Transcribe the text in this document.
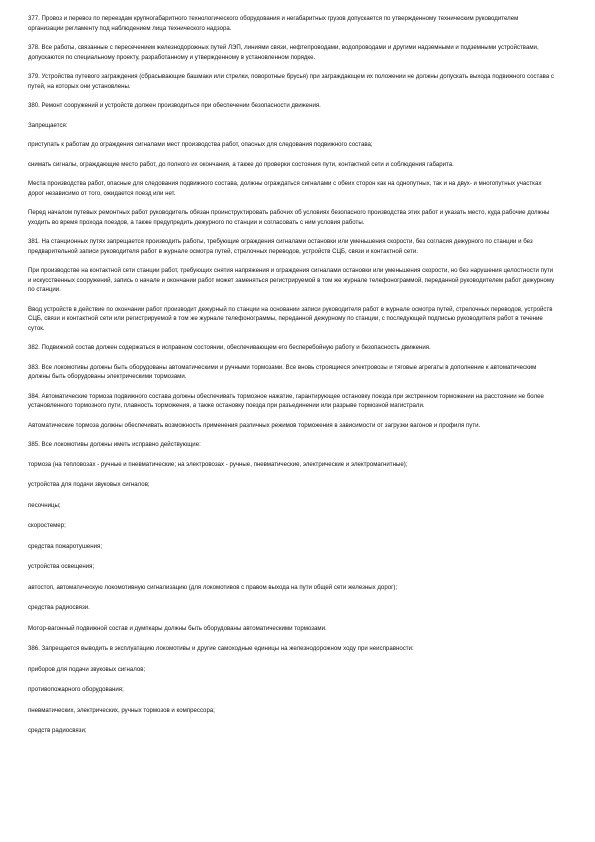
377. Провоз и перевоз по переездам крупногабаритного технологического оборудования и негабаритных грузов допускается по утвержденному техническим руководителем организации регламенту под наблюдением лица технического надзора.

378. Все работы, связанные с пересечением железнодорожных путей ЛЭП, линиями связи, нефтепроводами, водопроводами и другими надземными и подземными устройствами, допускаются по специальному проекту, разработанному и утвержденному в установленном порядке.

379. Устройства путевого заграждения (сбрасывающие башмаки или стрелки, поворотные брусья) при заграждающем их положении не должны допускать выхода подвижного состава с путей, на которых они установлены.

380. Ремонт сооружений и устройств должен производиться при обеспечении безопасности движения.

Запрещается:

приступать к работам до ограждения сигналами мест производства работ, опасных для следования подвижного состава;

снимать сигналы, ограждающие место работ, до полного их окончания, а также до проверки состояния пути, контактной сети и соблюдения габарита.

Места производства работ, опасные для следования подвижного состава, должны ограждаться сигналами с обеих сторон как на однопутных, так и на двух- и многопутных участках дорог независимо от того, ожидается поезд или нет.

Перед началом путевых ремонтных работ руководитель обязан проинструктировать рабочих об условиях безопасного производства этих работ и указать место, куда рабочие должны уходить во время прохода поездов, а также предупредить дежурного по станции и согласовать с ним условия работы.

381. На станционных путях запрещается производить работы, требующие ограждения сигналами остановки или уменьшения скорости, без согласия дежурного по станции и без предварительной записи руководителя работ в журнале осмотра путей, стрелочных переводов, устройств СЦБ, связи и контактной сети.

При производстве на контактной сети станции работ, требующих снятия напряжения и ограждения сигналами остановки или уменьшения скорости, но без нарушения целостности пути и искусственных сооружений, запись о начале и окончании работ может заменяться регистрируемой в том же журнале телефонограммой, переданной руководителем работ дежурному по станции.

Ввод устройств в действие по окончании работ производит дежурный по станции на основании записи руководителя работ в журнале осмотра путей, стрелочных переводов, устройств СЦБ, связи и контактной сети или регистрируемой в том же журнале телефонограммы, переданной дежурному по станции, с последующей подписью руководителя работ в течение суток.

382. Подвижной состав должен содержаться в исправном состоянии, обеспечивающем его бесперебойную работу и безопасность движения.

383. Все локомотивы должны быть оборудованы автоматическими и ручными тормозами. Все вновь строящиеся электровозы и тяговые агрегаты в дополнение к автоматическим должны быть оборудованы электрическими тормозами.

384. Автоматические тормоза подвижного состава должны обеспечивать тормозное нажатие, гарантирующее остановку поезда при экстренном торможении на расстоянии не более установленного тормозного пути, плавность торможения, а также остановку поезда при разъединении или разрыве тормозной магистрали.

Автоматические тормоза должны обеспечивать возможность применения различных режимов торможения в зависимости от загрузки вагонов и профиля пути.

385. Все локомотивы должны иметь исправно действующие:

тормоза (на тепловозах - ручные и пневматические; на электровозах - ручные, пневматические, электрические и электромагнитные);

устройства для подачи звуковых сигналов;

песочницы;

скоростемер;

средства пожаротушения;

устройства освещения;

автостоп, автоматическую локомотивную сигнализацию (для локомотивов с правом выхода на пути общей сети железных дорог);

средства радиосвязи.

Мотор-вагонный подвижной состав и думпкары должны быть оборудованы автоматическими тормозами.

386. Запрещается выводить в эксплуатацию локомотивы и другие самоходные единицы на железнодорожном ходу при неисправности:

приборов для подачи звуковых сигналов;

противопожарного оборудования;

пневматических, электрических, ручных тормозов и компрессора;

средств радиосвязи;
